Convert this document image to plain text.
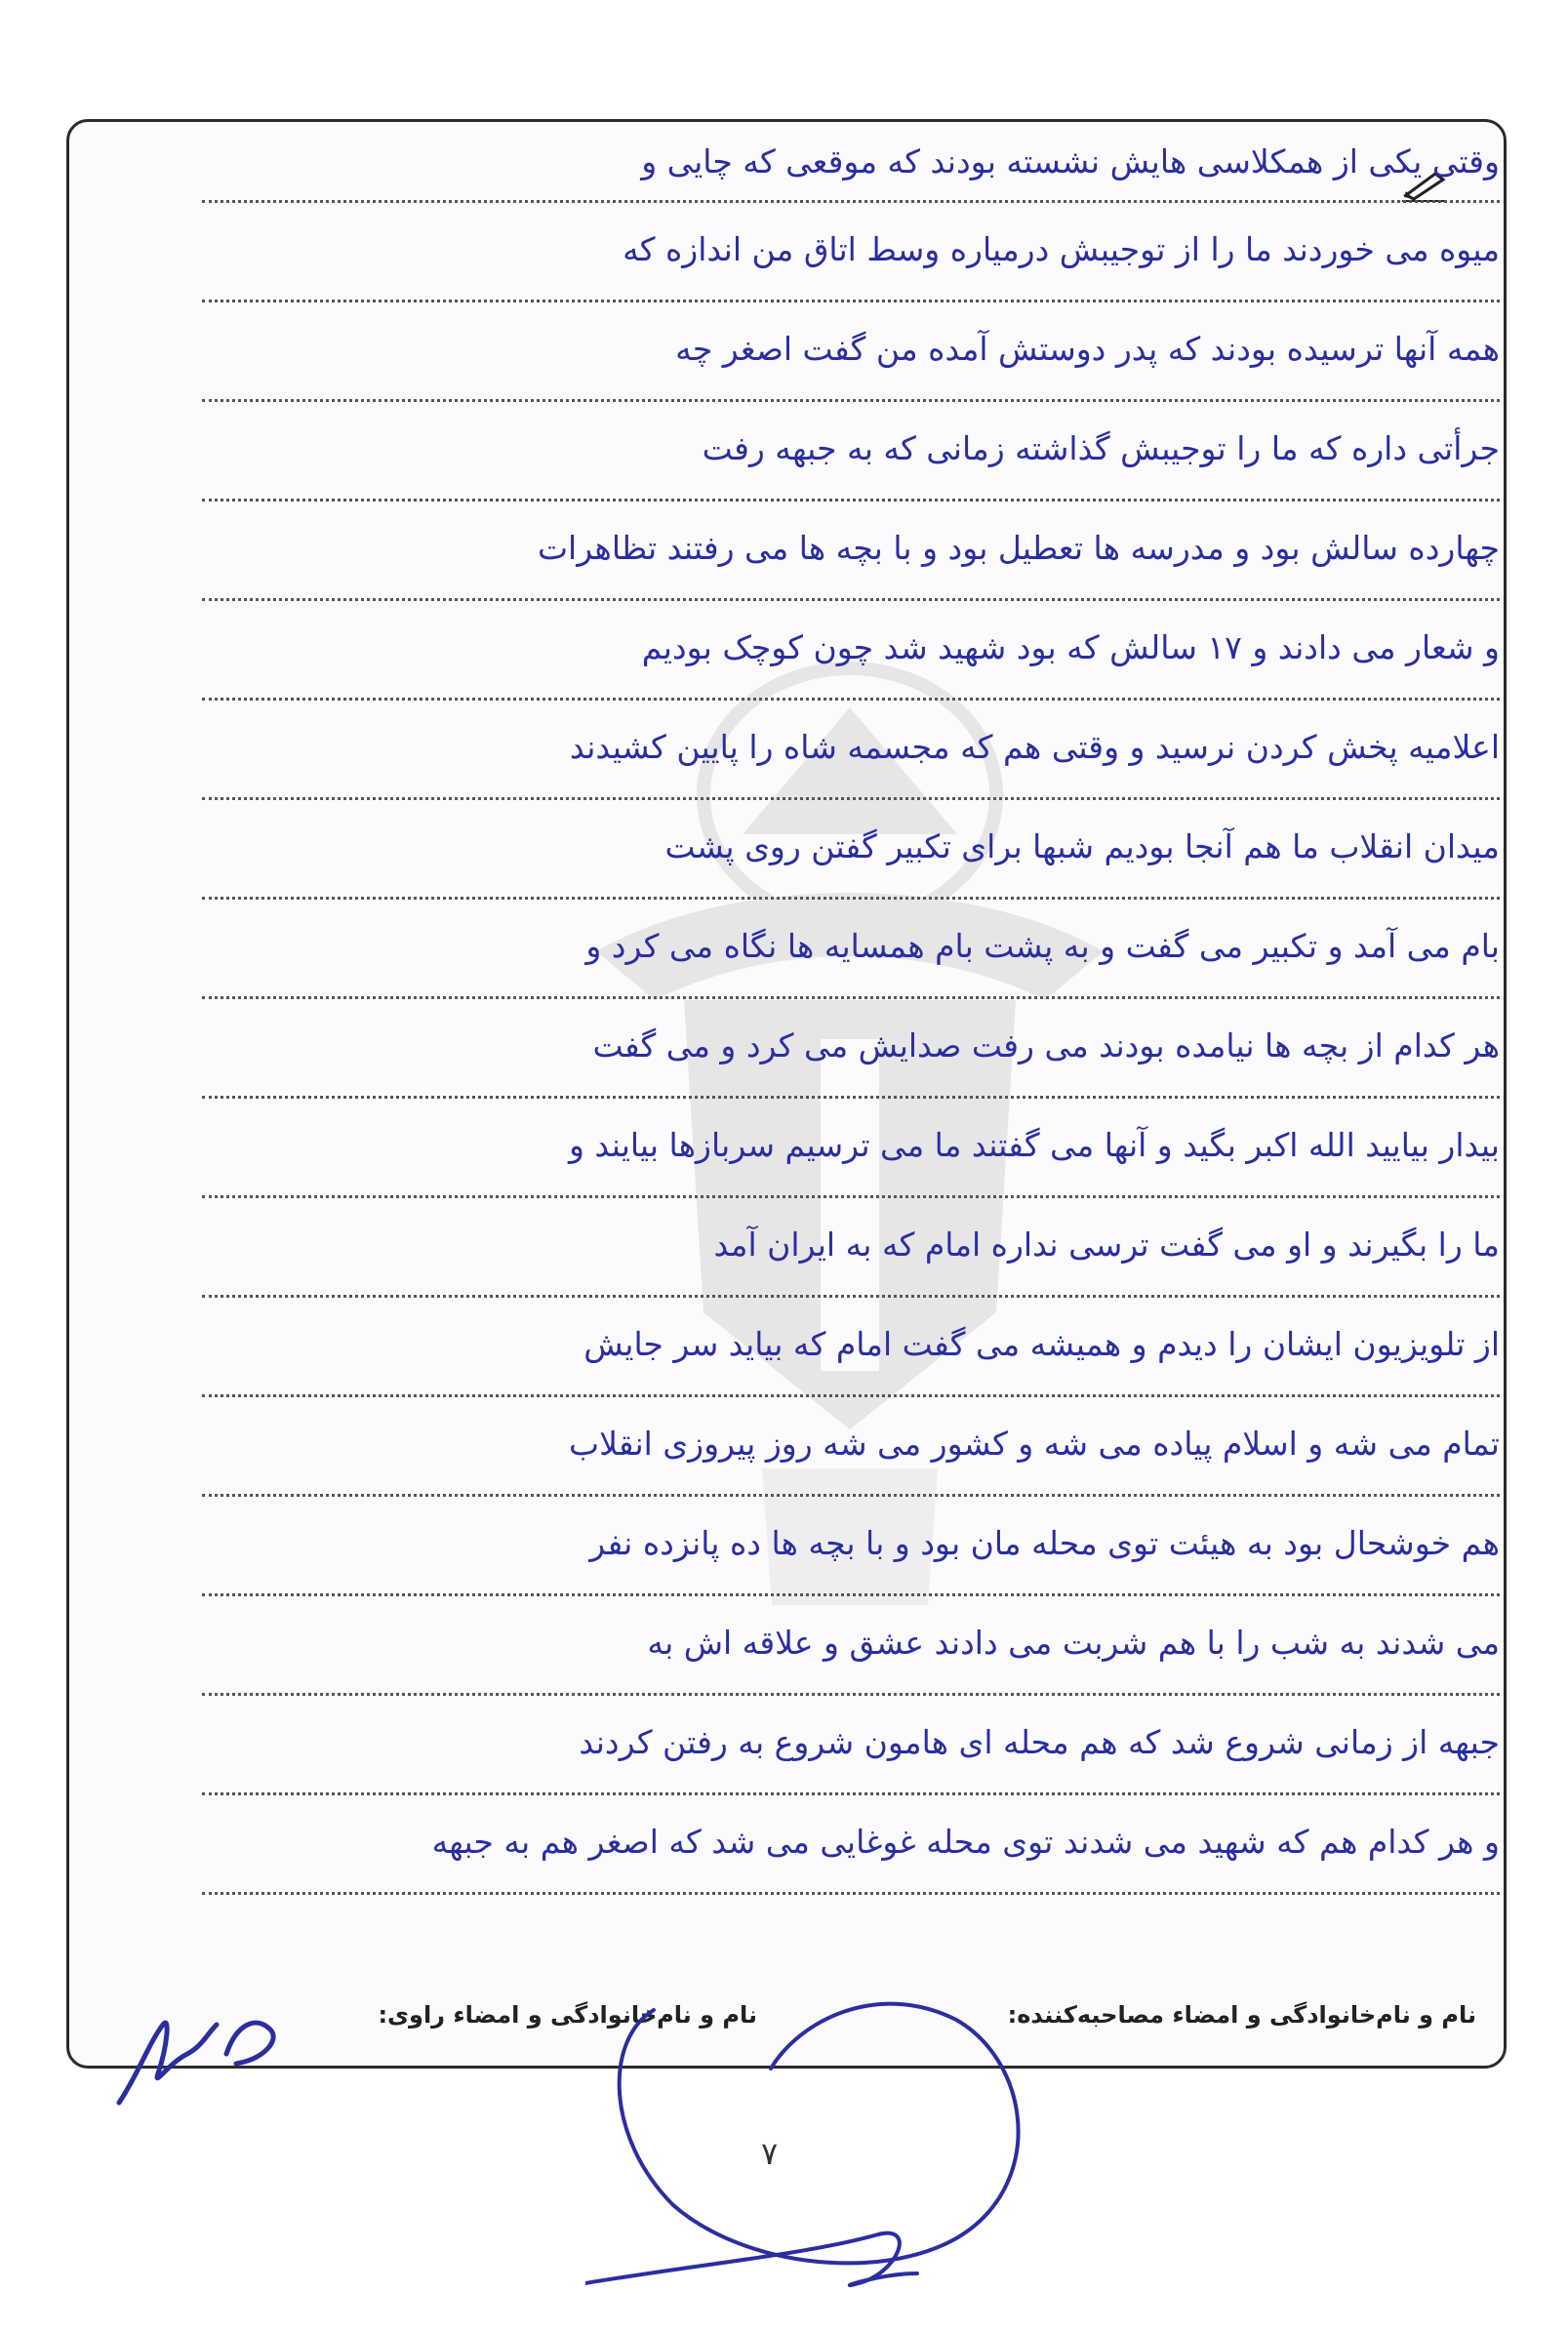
نام و نام‌خانوادگی و امضاء مصاحبه‌کننده:
نام و نام‌خانوادگی و امضاء راوی:
وقتی یکی از همکلاسی هایش نشسته بودند که موقعی که چایی و
میوه می خوردند ما را از توجیبش درمیاره وسط اتاق من اندازه که
همه آنها ترسیده بودند که پدر دوستش آمده من گفت اصغر چه
جرأتی داره که ما را توجیبش گذاشته زمانی که به جبهه رفت
چهارده سالش بود و مدرسه ها تعطیل بود و با بچه ها می رفتند تظاهرات
و شعار می دادند و ۱۷ سالش که بود شهید شد چون کوچک بودیم
اعلامیه پخش کردن نرسید و وقتی هم که مجسمه شاه را پایین کشیدند
میدان انقلاب ما هم آنجا بودیم شبها برای تکبیر گفتن روی پشت
بام می آمد و تکبیر می گفت و به پشت بام همسایه ها نگاه می کرد و
هر کدام از بچه ها نیامده بودند می رفت صدایش می کرد و می گفت
بیدار بیایید الله اکبر بگید و آنها می گفتند ما می ترسیم سربازها بیایند و
ما را بگیرند و او می گفت ترسی نداره امام که به ایران آمد
از تلویزیون ایشان را دیدم و همیشه می گفت امام که بیاید سر جایش
تمام می شه و اسلام پیاده می شه و کشور می شه روز پیروزی انقلاب
هم خوشحال بود به هیئت توی محله مان بود و با بچه ها ده پانزده نفر
می شدند به شب را با هم شربت می دادند عشق و علاقه اش به
جبهه از زمانی شروع شد که هم محله ای هامون شروع به رفتن کردند
و هر کدام هم که شهید می شدند توی محله غوغایی می شد که اصغر هم به جبهه
۷
